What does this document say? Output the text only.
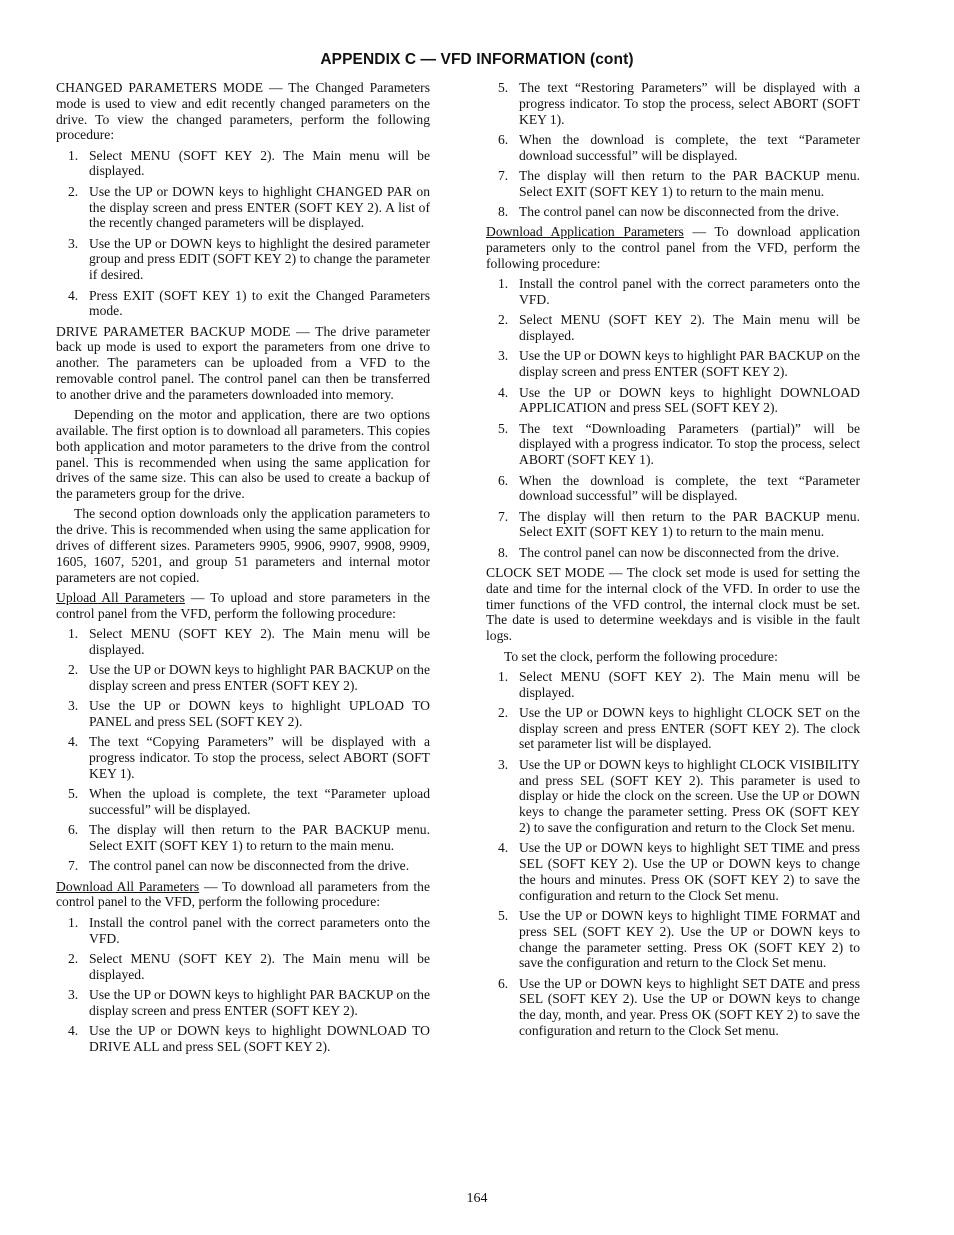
APPENDIX C — VFD INFORMATION (cont)

CHANGED PARAMETERS MODE — The Changed Parameters mode is used to view and edit recently changed parameters on the drive. To view the changed parameters, perform the following procedure:

1. Select MENU (SOFT KEY 2). The Main menu will be displayed.
2. Use the UP or DOWN keys to highlight CHANGED PAR on the display screen and press ENTER (SOFT KEY 2). A list of the recently changed parameters will be displayed.
3. Use the UP or DOWN keys to highlight the desired parameter group and press EDIT (SOFT KEY 2) to change the parameter if desired.
4. Press EXIT (SOFT KEY 1) to exit the Changed Parameters mode.

DRIVE PARAMETER BACKUP MODE — The drive parameter back up mode is used to export the parameters from one drive to another. The parameters can be uploaded from a VFD to the removable control panel. The control panel can then be transferred to another drive and the parameters downloaded into memory.

Depending on the motor and application, there are two options available. The first option is to download all parameters. This copies both application and motor parameters to the drive from the control panel. This is recommended when using the same application for drives of the same size. This can also be used to create a backup of the parameters group for the drive.

The second option downloads only the application parameters to the drive. This is recommended when using the same application for drives of different sizes. Parameters 9905, 9906, 9907, 9908, 9909, 1605, 1607, 5201, and group 51 parameters and internal motor parameters are not copied.

Upload All Parameters — To upload and store parameters in the control panel from the VFD, perform the following procedure:

1. Select MENU (SOFT KEY 2). The Main menu will be displayed.
2. Use the UP or DOWN keys to highlight PAR BACKUP on the display screen and press ENTER (SOFT KEY 2).
3. Use the UP or DOWN keys to highlight UPLOAD TO PANEL and press SEL (SOFT KEY 2).
4. The text “Copying Parameters” will be displayed with a progress indicator. To stop the process, select ABORT (SOFT KEY 1).
5. When the upload is complete, the text “Parameter upload successful” will be displayed.
6. The display will then return to the PAR BACKUP menu. Select EXIT (SOFT KEY 1) to return to the main menu.
7. The control panel can now be disconnected from the drive.

Download All Parameters — To download all parameters from the control panel to the VFD, perform the following procedure:

1. Install the control panel with the correct parameters onto the VFD.
2. Select MENU (SOFT KEY 2). The Main menu will be displayed.
3. Use the UP or DOWN keys to highlight PAR BACKUP on the display screen and press ENTER (SOFT KEY 2).
4. Use the UP or DOWN keys to highlight DOWNLOAD TO DRIVE ALL and press SEL (SOFT KEY 2).
5. The text “Restoring Parameters” will be displayed with a progress indicator. To stop the process, select ABORT (SOFT KEY 1).
6. When the download is complete, the text “Parameter download successful” will be displayed.
7. The display will then return to the PAR BACKUP menu. Select EXIT (SOFT KEY 1) to return to the main menu.
8. The control panel can now be disconnected from the drive.

Download Application Parameters — To download application parameters only to the control panel from the VFD, perform the following procedure:

1. Install the control panel with the correct parameters onto the VFD.
2. Select MENU (SOFT KEY 2). The Main menu will be displayed.
3. Use the UP or DOWN keys to highlight PAR BACKUP on the display screen and press ENTER (SOFT KEY 2).
4. Use the UP or DOWN keys to highlight DOWNLOAD APPLICATION and press SEL (SOFT KEY 2).
5. The text “Downloading Parameters (partial)” will be displayed with a progress indicator. To stop the process, select ABORT (SOFT KEY 1).
6. When the download is complete, the text “Parameter download successful” will be displayed.
7. The display will then return to the PAR BACKUP menu. Select EXIT (SOFT KEY 1) to return to the main menu.
8. The control panel can now be disconnected from the drive.

CLOCK SET MODE — The clock set mode is used for setting the date and time for the internal clock of the VFD. In order to use the timer functions of the VFD control, the internal clock must be set. The date is used to determine weekdays and is visible in the fault logs.

To set the clock, perform the following procedure:

1. Select MENU (SOFT KEY 2). The Main menu will be displayed.
2. Use the UP or DOWN keys to highlight CLOCK SET on the display screen and press ENTER (SOFT KEY 2). The clock set parameter list will be displayed.
3. Use the UP or DOWN keys to highlight CLOCK VISIBILITY and press SEL (SOFT KEY 2). This parameter is used to display or hide the clock on the screen. Use the UP or DOWN keys to change the parameter setting. Press OK (SOFT KEY 2) to save the configuration and return to the Clock Set menu.
4. Use the UP or DOWN keys to highlight SET TIME and press SEL (SOFT KEY 2). Use the UP or DOWN keys to change the hours and minutes. Press OK (SOFT KEY 2) to save the configuration and return to the Clock Set menu.
5. Use the UP or DOWN keys to highlight TIME FORMAT and press SEL (SOFT KEY 2). Use the UP or DOWN keys to change the parameter setting. Press OK (SOFT KEY 2) to save the configuration and return to the Clock Set menu.
6. Use the UP or DOWN keys to highlight SET DATE and press SEL (SOFT KEY 2). Use the UP or DOWN keys to change the day, month, and year. Press OK (SOFT KEY 2) to save the configuration and return to the Clock Set menu.
164
